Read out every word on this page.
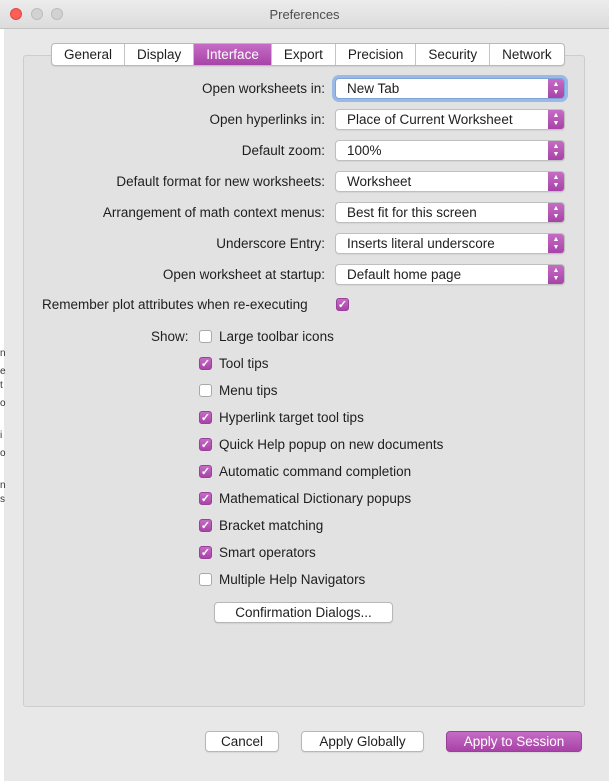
Preferences
n
e
t
o
i
o
n
s
General	Display	Interface	Export	Precision	Security	Network
Open worksheets in: New Tab	▲
▼
Open hyperlinks in: Place of Current Worksheet	▲
▼
Default zoom: 100%	▲
▼
Default format for new worksheets: Worksheet	▲
▼
Arrangement of math context menus: Best fit for this screen	▲
▼
Underscore Entry: Inserts literal underscore	▲
▼
Open worksheet at startup: Default home page	▲
▼
Remember plot attributes when re-executing	✓
Show: Large toolbar icons
✓ Tool tips
Menu tips
✓ Hyperlink target tool tips
✓ Quick Help popup on new documents
✓ Automatic command completion
✓ Mathematical Dictionary popups
✓ Bracket matching
✓ Smart operators
Multiple Help Navigators
Confirmation Dialogs...
Cancel	Apply Globally	Apply to Session
